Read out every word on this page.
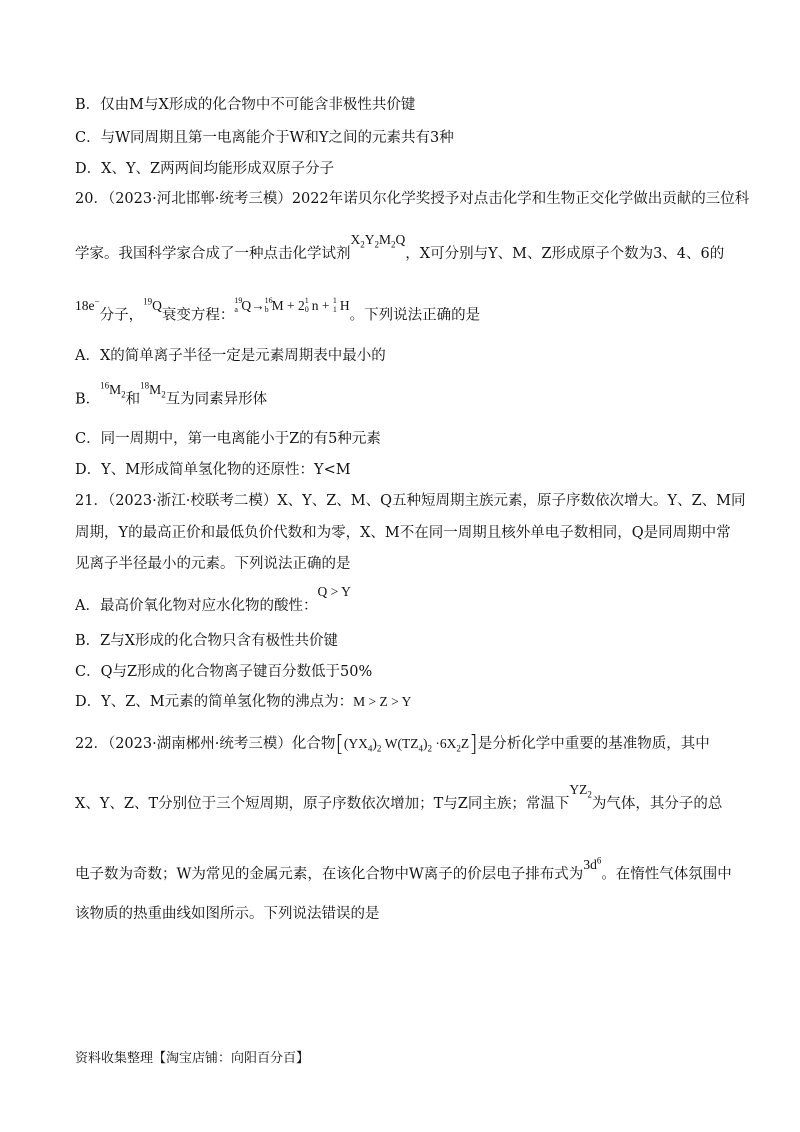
B．仅由M与X形成的化合物中不可能含非极性共价键
C．与W同周期且第一电离能介于W和Y之间的元素共有3种
D．X、Y、Z两两间均能形成双原子分子
20．（2023·河北邯郸·统考三模）2022年诺贝尔化学奖授予对点击化学和生物正交化学做出贡献的三位科
学家。我国科学家合成了一种点击化学试剂$X_2Y_2M_2Q$，X可分别与Y、M、Z形成原子个数为3、4、6的
18e−分子，$^{19}$Q衰变方程：
19
a Q→ 16
b M + 2 1
0 n + 1
1 H。下列说法正确的是
A．X的简单离子半径一定是元素周期表中最小的
B．$^{16}M_2$和$^{18}M_2$互为同素异形体
C．同一周期中，第一电离能小于Z的有5种元素
D．Y、M形成简单氢化物的还原性：Y<M
21．（2023·浙江·校联考二模）X、Y、Z、M、Q五种短周期主族元素，原子序数依次增大。Y、Z、M同
周期，Y的最高正价和最低负价代数和为零，X、M不在同一周期且核外单电子数相同，Q是同周期中常
见离子半径最小的元素。下列说法正确的是
A．最高价氧化物对应水化物的酸性：Q > Y
B．Z与X形成的化合物只含有极性共价键
C．Q与Z形成的化合物离子键百分数低于50%
D．Y、Z、M元素的简单氢化物的沸点为：M > Z > Y
22．（2023·湖南郴州·统考三模）化合物[$(YX_4)_2$ $W(TZ_4)_2 \cdot 6X_2Z$]是分析化学中重要的基准物质，其中
X、Y、Z、T分别位于三个短周期，原子序数依次增加；T与Z同主族；常温下$YZ_2$为气体，其分子的总
电子数为奇数；W为常见的金属元素，在该化合物中W离子的价层电子排布式为$3d^6$。在惰性气体氛围中
该物质的热重曲线如图所示。下列说法错误的是
资料收集整理【淘宝店铺：向阳百分百】
